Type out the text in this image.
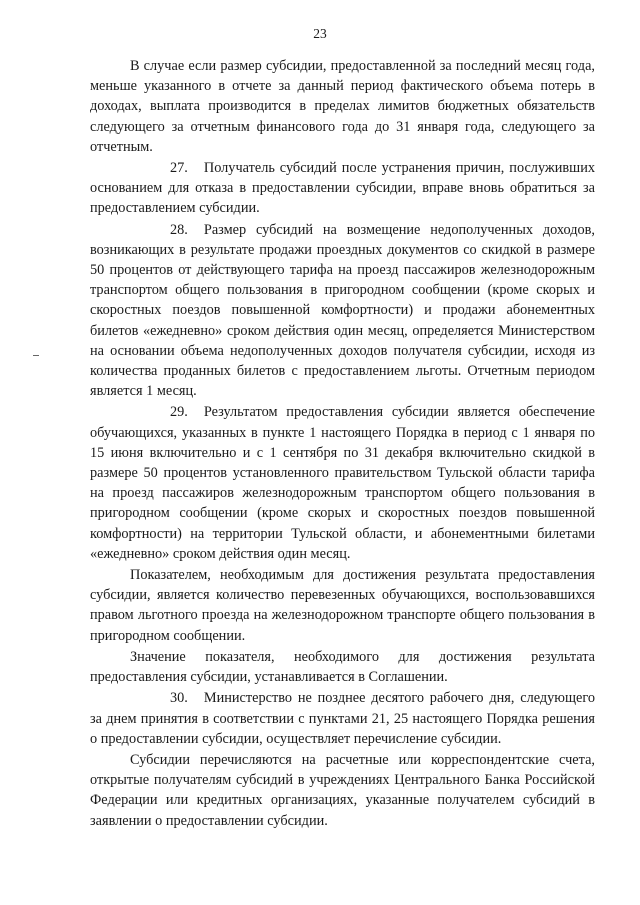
23

В случае если размер субсидии, предоставленной за последний месяц года, меньше указанного в отчете за данный период фактического объема потерь в доходах, выплата производится в пределах лимитов бюджетных обязательств следующего за отчетным финансового года до 31 января года, следующего за отчетным.

27. Получатель субсидий после устранения причин, послуживших основанием для отказа в предоставлении субсидии, вправе вновь обратиться за предоставлением субсидии.

28. Размер субсидий на возмещение недополученных доходов, возникающих в результате продажи проездных документов со скидкой в размере 50 процентов от действующего тарифа на проезд пассажиров железнодорожным транспортом общего пользования в пригородном сообщении (кроме скорых и скоростных поездов повышенной комфортности) и продажи абонементных билетов «ежедневно» сроком действия один месяц, определяется Министерством на основании объема недополученных доходов получателя субсидии, исходя из количества проданных билетов с предоставлением льготы. Отчетным периодом является 1 месяц.

29. Результатом предоставления субсидии является обеспечение обучающихся, указанных в пункте 1 настоящего Порядка в период с 1 января по 15 июня включительно и с 1 сентября по 31 декабря включительно скидкой в размере 50 процентов установленного правительством Тульской области тарифа на проезд пассажиров железнодорожным транспортом общего пользования в пригородном сообщении (кроме скорых и скоростных поездов повышенной комфортности) на территории Тульской области, и абонементными билетами «ежедневно» сроком действия один месяц.

Показателем, необходимым для достижения результата предоставления субсидии, является количество перевезенных обучающихся, воспользовавшихся правом льготного проезда на железнодорожном транспорте общего пользования в пригородном сообщении.

Значение показателя, необходимого для достижения результата предоставления субсидии, устанавливается в Соглашении.

30. Министерство не позднее десятого рабочего дня, следующего за днем принятия в соответствии с пунктами 21, 25 настоящего Порядка решения о предоставлении субсидии, осуществляет перечисление субсидии.

Субсидии перечисляются на расчетные или корреспондентские счета, открытые получателям субсидий в учреждениях Центрального Банка Российской Федерации или кредитных организациях, указанные получателем субсидий в заявлении о предоставлении субсидии.
